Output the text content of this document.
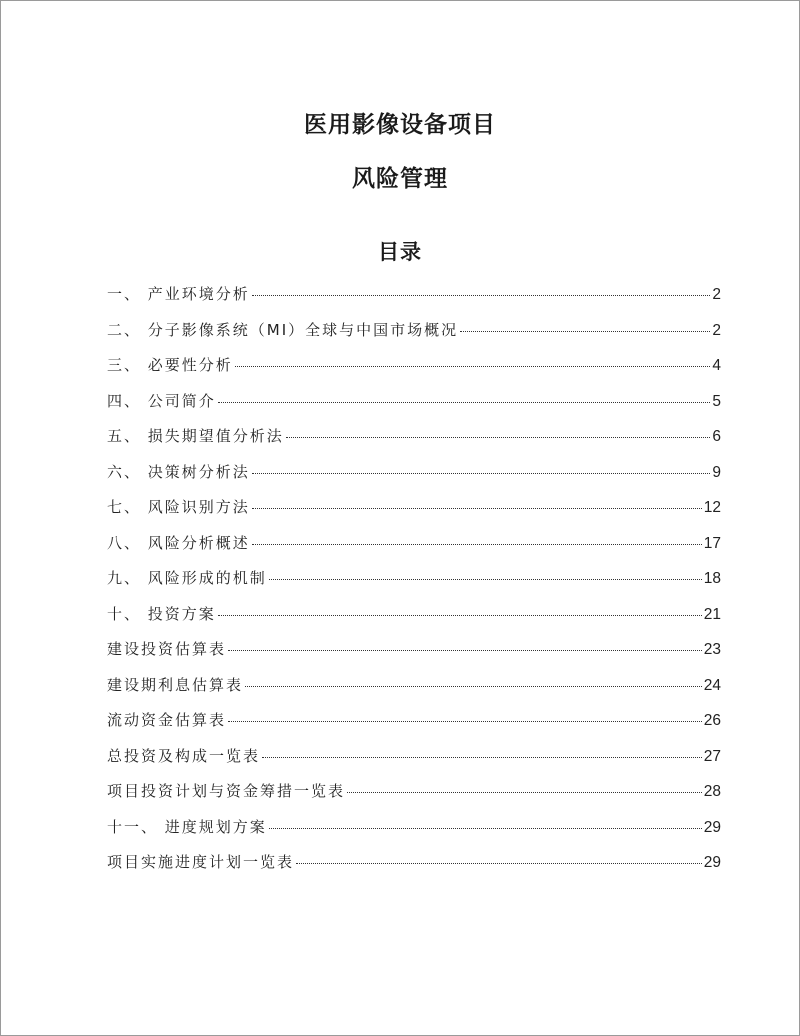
医用影像设备项目
风险管理
目录
一、 产业环境分析	2
二、 分子影像系统（MI）全球与中国市场概况	2
三、 必要性分析	4
四、 公司简介	5
五、 损失期望值分析法	6
六、 决策树分析法	9
七、 风险识别方法	12
八、 风险分析概述	17
九、 风险形成的机制	18
十、 投资方案	21
建设投资估算表	23
建设期利息估算表	24
流动资金估算表	26
总投资及构成一览表	27
项目投资计划与资金筹措一览表	28
十一、 进度规划方案	29
项目实施进度计划一览表	29
